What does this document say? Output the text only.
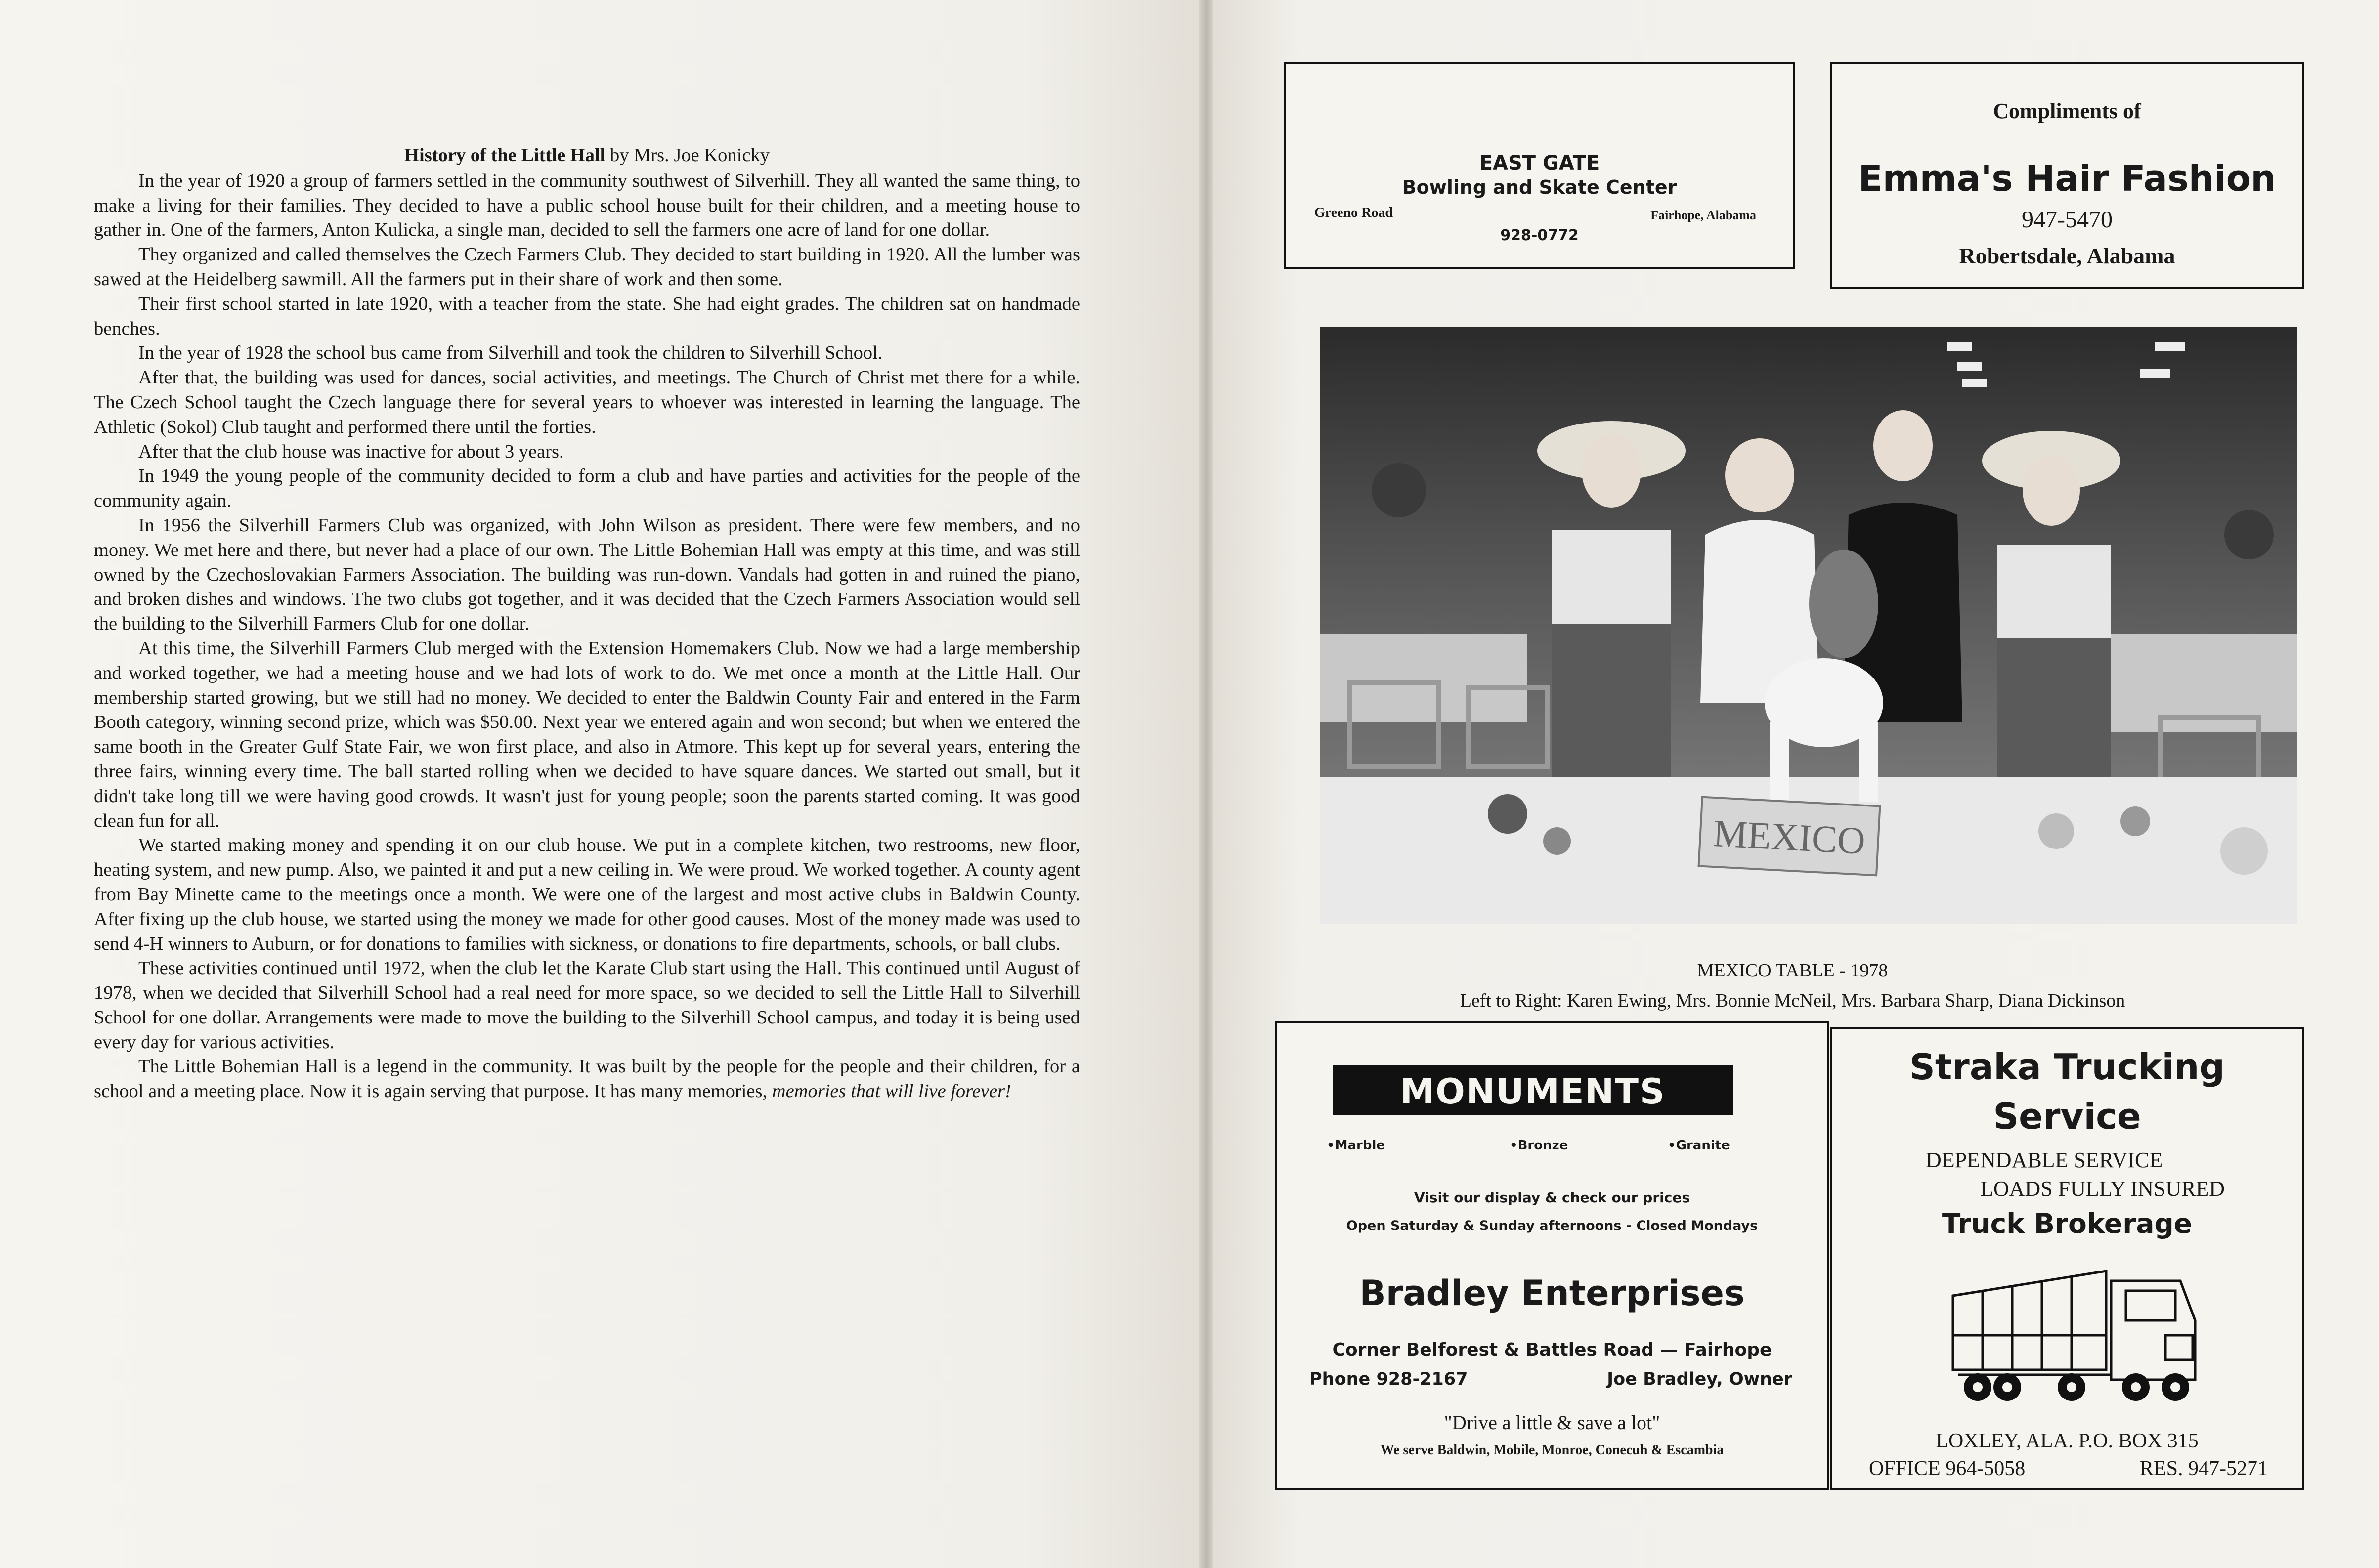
History of the Little Hall by Mrs. Joe Konicky

In the year of 1920 a group of farmers settled in the community southwest of Silverhill. They all wanted the same thing, to make a living for their families. They decided to have a public school house built for their children, and a meeting house to gather in. One of the farmers, Anton Kulicka, a single man, decided to sell the farmers one acre of land for one dollar.

They organized and called themselves the Czech Farmers Club. They decided to start building in 1920. All the lumber was sawed at the Heidelberg sawmill. All the farmers put in their share of work and then some.

Their first school started in late 1920, with a teacher from the state. She had eight grades. The children sat on handmade benches.

In the year of 1928 the school bus came from Silverhill and took the children to Silverhill School.

After that, the building was used for dances, social activities, and meetings. The Church of Christ met there for a while. The Czech School taught the Czech language there for several years to whoever was interested in learning the language. The Athletic (Sokol) Club taught and performed there until the forties.

After that the club house was inactive for about 3 years.

In 1949 the young people of the community decided to form a club and have parties and activities for the people of the community again.

In 1956 the Silverhill Farmers Club was organized, with John Wilson as president. There were few members, and no money. We met here and there, but never had a place of our own. The Little Bohemian Hall was empty at this time, and was still owned by the Czechoslovakian Farmers Association. The building was run-down. Vandals had gotten in and ruined the piano, and broken dishes and windows. The two clubs got together, and it was decided that the Czech Farmers Association would sell the building to the Silverhill Farmers Club for one dollar.

At this time, the Silverhill Farmers Club merged with the Extension Homemakers Club. Now we had a large membership and worked together, we had a meeting house and we had lots of work to do. We met once a month at the Little Hall. Our membership started growing, but we still had no money. We decided to enter the Baldwin County Fair and entered in the Farm Booth category, winning second prize, which was $50.00. Next year we entered again and won second; but when we entered the same booth in the Greater Gulf State Fair, we won first place, and also in Atmore. This kept up for several years, entering the three fairs, winning every time. The ball started rolling when we decided to have square dances. We started out small, but it didn't take long till we were having good crowds. It wasn't just for young people; soon the parents started coming. It was good clean fun for all.

We started making money and spending it on our club house. We put in a complete kitchen, two restrooms, new floor, heating system, and new pump. Also, we painted it and put a new ceiling in. We were proud. We worked together. A county agent from Bay Minette came to the meetings once a month. We were one of the largest and most active clubs in Baldwin County. After fixing up the club house, we started using the money we made for other good causes. Most of the money made was used to send 4-H winners to Auburn, or for donations to families with sickness, or donations to fire departments, schools, or ball clubs.

These activities continued until 1972, when the club let the Karate Club start using the Hall. This continued until August of 1978, when we decided that Silverhill School had a real need for more space, so we decided to sell the Little Hall to Silverhill School for one dollar. Arrangements were made to move the building to the Silverhill School campus, and today it is being used every day for various activities.

The Little Bohemian Hall is a legend in the community. It was built by the people for the people and their children, for a school and a meeting place. Now it is again serving that purpose. It has many memories, memories that will live forever!

EAST GATE
Bowling and Skate Center
Greeno Road	Fairhope, Alabama
928-0772
Compliments of
Emma's Hair Fashion
947-5470
Robertsdale, Alabama
MEXICO
MEXICO TABLE - 1978
Left to Right: Karen Ewing, Mrs. Bonnie McNeil, Mrs. Barbara Sharp, Diana Dickinson
MONUMENTS
•Marble	•Bronze	•Granite
Visit our display & check our prices
Open Saturday & Sunday afternoons - Closed Mondays
Bradley Enterprises
Corner Belforest & Battles Road — Fairhope
Phone 928-2167	Joe Bradley, Owner
"Drive a little & save a lot"
We serve Baldwin, Mobile, Monroe, Conecuh & Escambia
Straka Trucking
Service
DEPENDABLE SERVICE
LOADS FULLY INSURED
Truck Brokerage
LOXLEY, ALA. P.O. BOX 315
OFFICE 964-5058	RES. 947-5271
